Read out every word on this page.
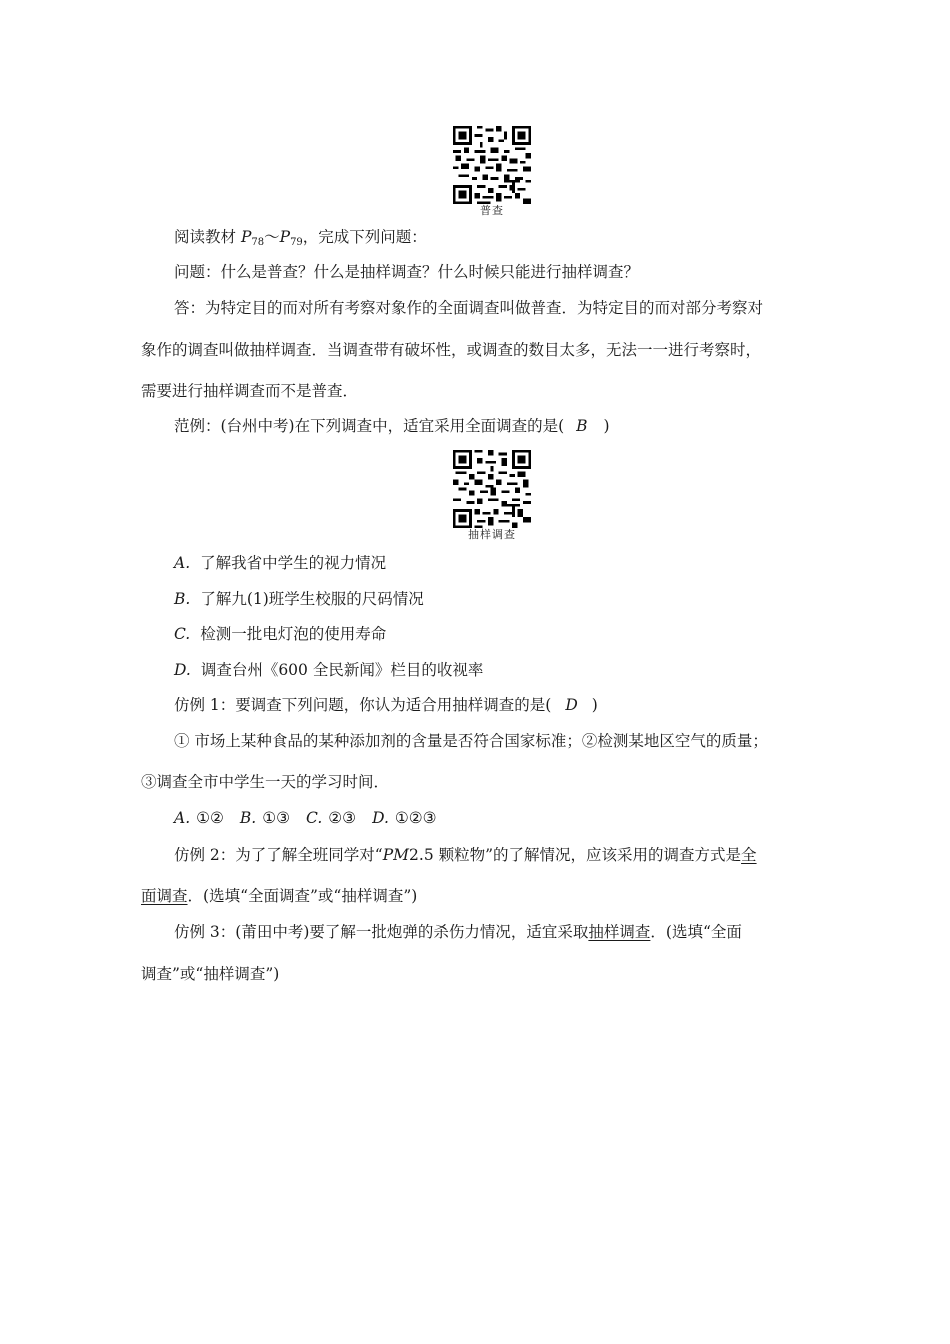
普查
阅读教材 $P_{78}\sim P_{79}$，完成下列问题：
问题：什么是普查？什么是抽样调查？什么时候只能进行抽样调查？
答：为特定目的而对所有考察对象作的全面调查叫做普查．为特定目的而对部分考察对
象作的调查叫做抽样调查．当调查带有破坏性，或调查的数目太多，无法一一进行考察时，
需要进行抽样调查而不是普查．
范例：(台州中考)在下列调查中，适宜采用全面调查的是( B )
抽样调查
A. 了解我省中学生的视力情况
B. 了解九(1)班学生校服的尺码情况
C. 检测一批电灯泡的使用寿命
D. 调查台州《600 全民新闻》栏目的收视率
仿例 1：要调查下列问题，你认为适合用抽样调查的是( D )
① 市场上某种食品的某种添加剂的含量是否符合国家标准；②检测某地区空气的质量；
③调查全市中学生一天的学习时间．
A. ①② B. ①③ C. ②③ D. ①②③
仿例 2：为了了解全班同学对“PM2.5 颗粒物”的了解情况，应该采用的调查方式是全
面调查．(选填“全面调查”或“抽样调查”)
仿例 3：(莆田中考)要了解一批炮弹的杀伤力情况，适宜采取抽样调查．(选填“全面
调查”或“抽样调查”)
